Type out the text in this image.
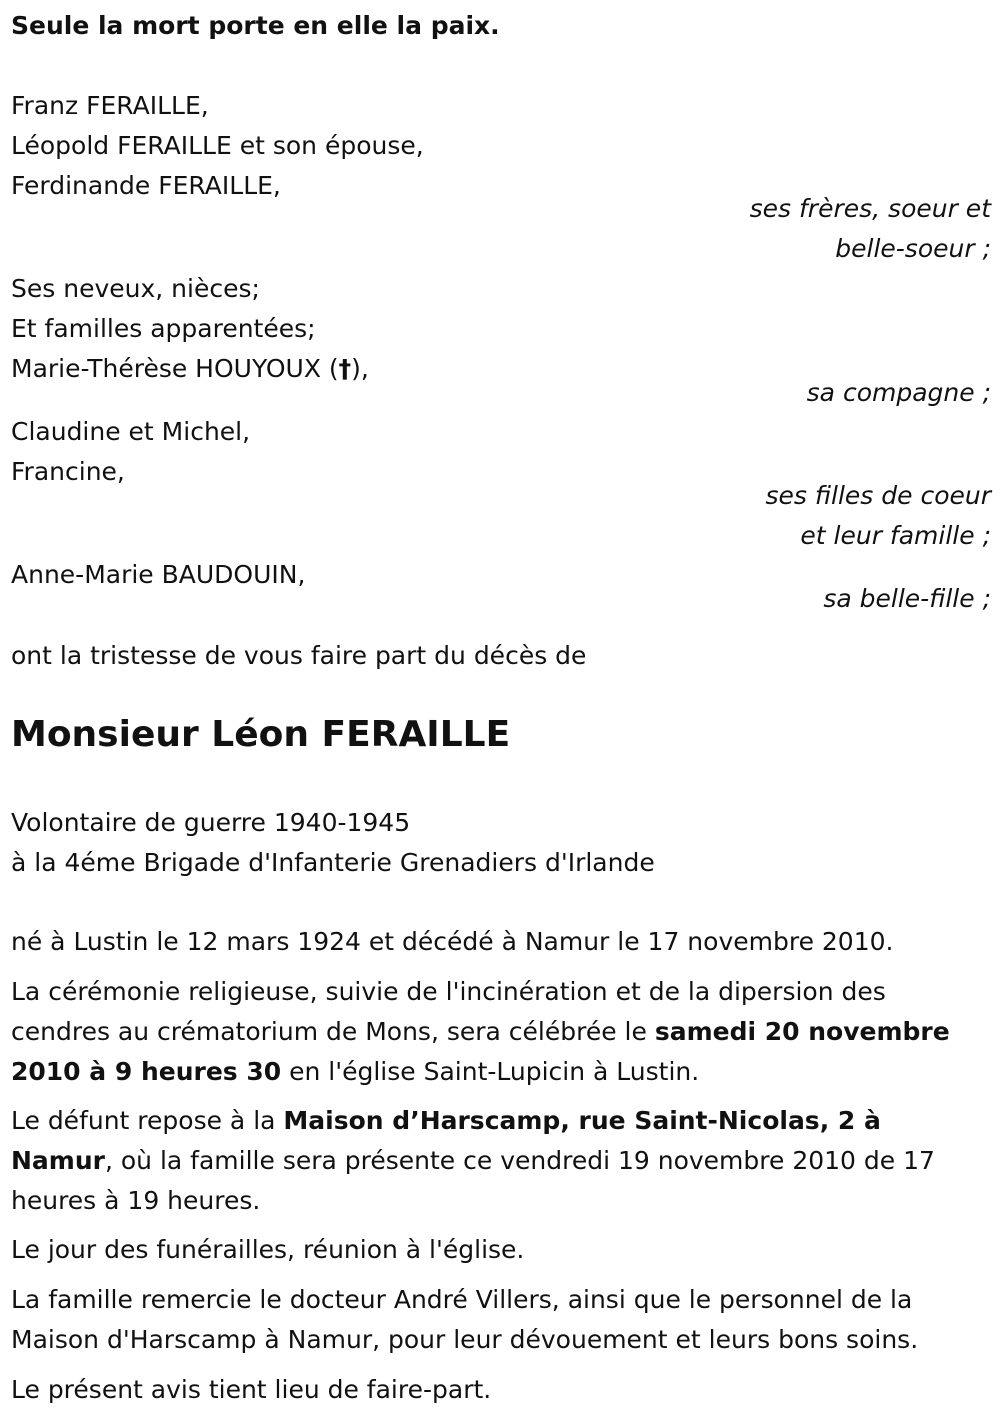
Seule la mort porte en elle la paix.
Franz FERAILLE,
Léopold FERAILLE et son épouse,
Ferdinande FERAILLE,
ses frères, soeur et
belle-soeur ;
Ses neveux, nièces;
Et familles apparentées;
Marie-Thérèse HOUYOUX (†),
sa compagne ;
Claudine et Michel,
Francine,
ses filles de coeur
et leur famille ;
Anne-Marie BAUDOUIN,
sa belle-fille ;
ont la tristesse de vous faire part du décès de
Monsieur Léon FERAILLE
Volontaire de guerre 1940-1945
à la 4éme Brigade d'Infanterie Grenadiers d'Irlande
né à Lustin le 12 mars 1924 et décédé à Namur le 17 novembre 2010.
La cérémonie religieuse, suivie de l'incinération et de la dipersion des cendres au crématorium de Mons, sera célébrée le samedi 20 novembre 2010 à 9 heures 30 en l'église Saint-Lupicin à Lustin.
Le défunt repose à la Maison d’Harscamp, rue Saint-Nicolas, 2 à Namur, où la famille sera présente ce vendredi 19 novembre 2010 de 17 heures à 19 heures.
Le jour des funérailles, réunion à l'église.
La famille remercie le docteur André Villers, ainsi que le personnel de la Maison d'Harscamp à Namur, pour leur dévouement et leurs bons soins.
Le présent avis tient lieu de faire-part.
